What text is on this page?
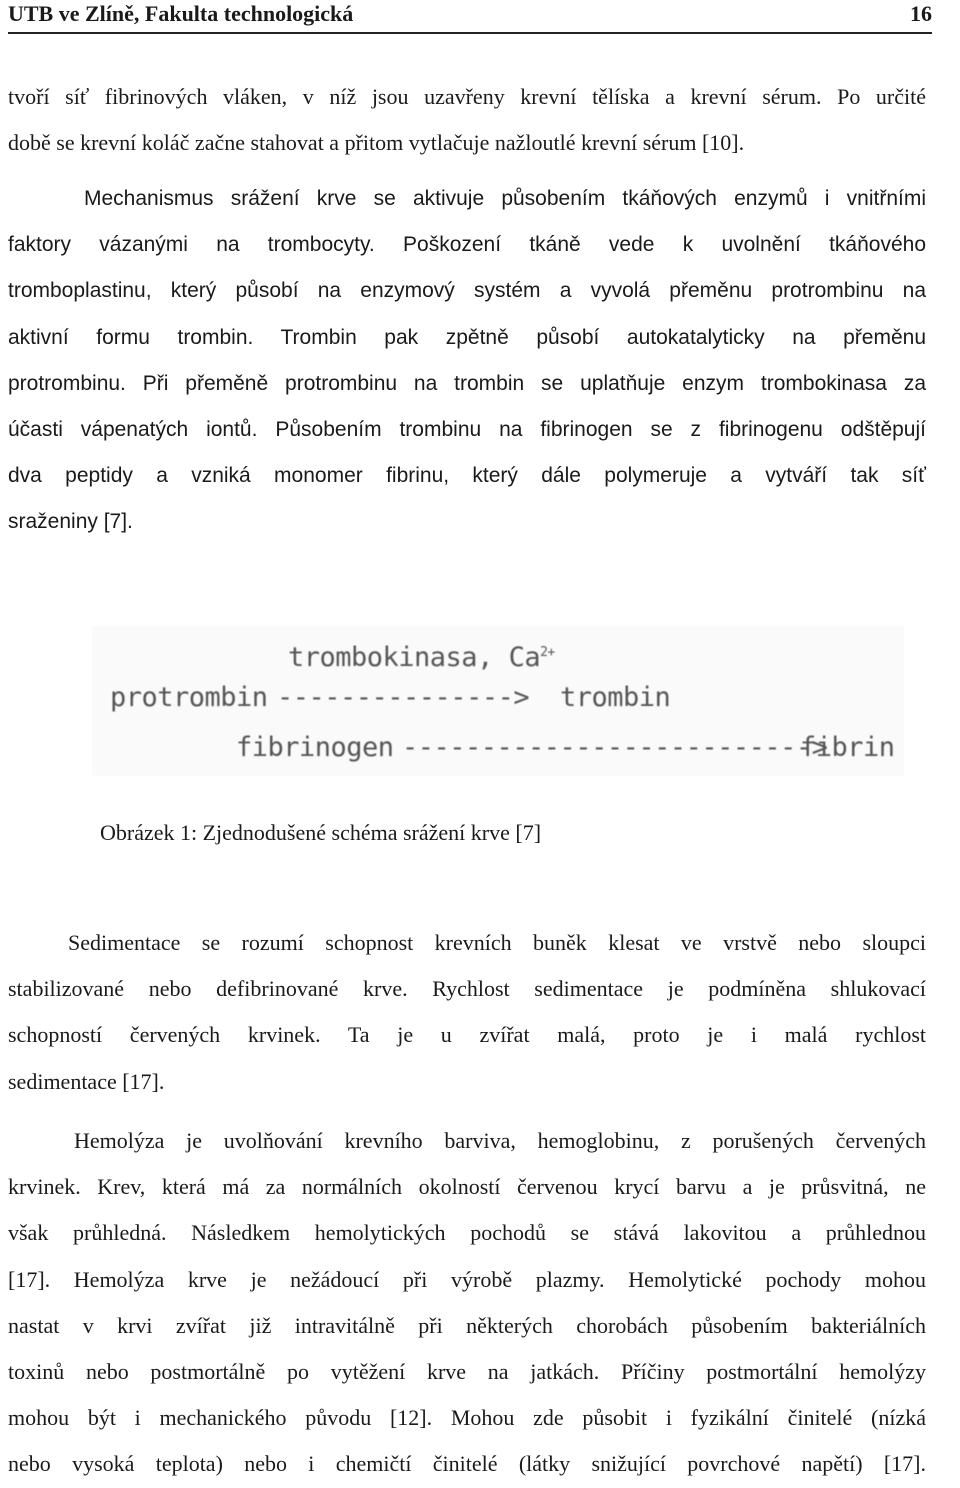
UTB ve Zlíně, Fakulta technologická	16
tvoří síť fibrinových vláken, v níž jsou uzavřeny krevní tělíska a krevní sérum. Po určité
době se krevní koláč začne stahovat a přitom vytlačuje nažloutlé krevní sérum [10].
Mechanismus srážení krve se aktivuje působením tkáňových enzymů i vnitřními
faktory vázanými na trombocyty. Poškození tkáně vede k uvolnění tkáňového
tromboplastinu, který působí na enzymový systém a vyvolá přeměnu protrombinu na
aktivní formu trombin. Trombin pak zpětně působí autokatalyticky na přeměnu
protrombinu. Při přeměně protrombinu na trombin se uplatňuje enzym trombokinasa za
účasti vápenatých iontů. Působením trombinu na fibrinogen se z fibrinogenu odštěpují
dva peptidy a vzniká monomer fibrinu, který dále polymeruje a vytváří tak síť
sraženiny [7].
trombokinasa, $Ca^{2+}$
protrombin ---------------> trombin
fibrinogen -------------------------->
fibrin
Obrázek 1: Zjednodušené schéma srážení krve [7]
Sedimentace se rozumí schopnost krevních buněk klesat ve vrstvě nebo sloupci
stabilizované nebo defibrinované krve. Rychlost sedimentace je podmíněna shlukovací
schopností červených krvinek. Ta je u zvířat malá, proto je i malá rychlost
sedimentace [17].
Hemolýza je uvolňování krevního barviva, hemoglobinu, z porušených červených
krvinek. Krev, která má za normálních okolností červenou krycí barvu a je průsvitná, ne
však průhledná. Následkem hemolytických pochodů se stává lakovitou a průhlednou
[17]. Hemolýza krve je nežádoucí při výrobě plazmy. Hemolytické pochody mohou
nastat v krvi zvířat již intravitálně při některých chorobách působením bakteriálních
toxinů nebo postmortálně po vytěžení krve na jatkách. Příčiny postmortální hemolýzy
mohou být i mechanického původu [12]. Mohou zde působit i fyzikální činitelé (nízká
nebo vysoká teplota) nebo i chemičtí činitelé (látky snižující povrchové napětí) [17].
